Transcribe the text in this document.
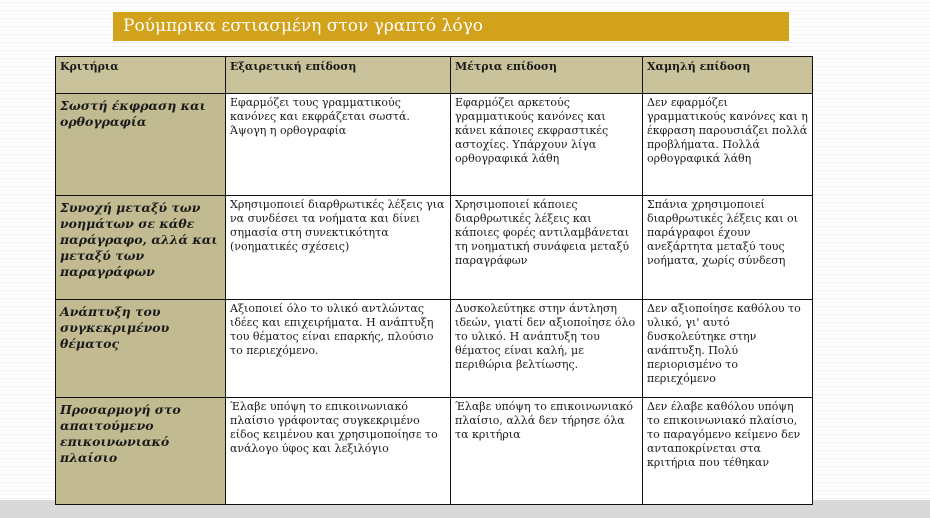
Ρούμπρικα εστιασμένη στον γραπτό λόγο
Κριτήρια	Εξαιρετική επίδοση	Μέτρια επίδοση	Χαμηλή επίδοση
Σωστή έκφραση και ορθογραφία	Εφαρμόζει τους γραμματικούς κανόνες και εκφράζεται σωστά. Άψογη η ορθογραφία	Εφαρμόζει αρκετούς γραμματικούς κανόνες και κάνει κάποιες εκφραστικές αστοχίες. Υπάρχουν λίγα ορθογραφικά λάθη	Δεν εφαρμόζει γραμματικούς κανόνες και η έκφραση παρουσιάζει πολλά προβλήματα. Πολλά ορθογραφικά λάθη
Συνοχή μεταξύ των νοημάτων σε κάθε παράγραφο, αλλά και μεταξύ των παραγράφων	Χρησιμοποιεί διαρθρωτικές λέξεις για να συνδέσει τα νοήματα και δίνει σημασία στη συνεκτικότητα (νοηματικές σχέσεις)	Χρησιμοποιεί κάποιες διαρθρωτικές λέξεις και κάποιες φορές αντιλαμβάνεται τη νοηματική συνάφεια μεταξύ παραγράφων	Σπάνια χρησιμοποιεί διαρθρωτικές λέξεις και οι παράγραφοι έχουν ανεξάρτητα μεταξύ τους νοήματα, χωρίς σύνδεση
Ανάπτυξη του συγκεκριμένου θέματος	Αξιοποιεί όλο το υλικό αντλώντας ιδέες και επιχειρήματα. Η ανάπτυξη του θέματος είναι επαρκής, πλούσιο το περιεχόμενο.	Δυσκολεύτηκε στην άντληση ιδεών, γιατί δεν αξιοποίησε όλο το υλικό. Η ανάπτυξη του θέματος είναι καλή, με περιθώρια βελτίωσης.	Δεν αξιοποίησε καθόλου το υλικό, γι' αυτό δυσκολεύτηκε στην ανάπτυξη. Πολύ περιορισμένο το περιεχόμενο
Προσαρμογή στο απαιτούμενο επικοινωνιακό πλαίσιο	Έλαβε υπόψη το επικοινωνιακό πλαίσιο γράφοντας συγκεκριμένο είδος κειμένου και χρησιμοποίησε το ανάλογο ύφος και λεξιλόγιο	Έλαβε υπόψη το επικοινωνιακό πλαίσιο, αλλά δεν τήρησε όλα τα κριτήρια	Δεν έλαβε καθόλου υπόψη το επικοινωνιακό πλαίσιο, το παραγόμενο κείμενο δεν ανταποκρίνεται στα κριτήρια που τέθηκαν
